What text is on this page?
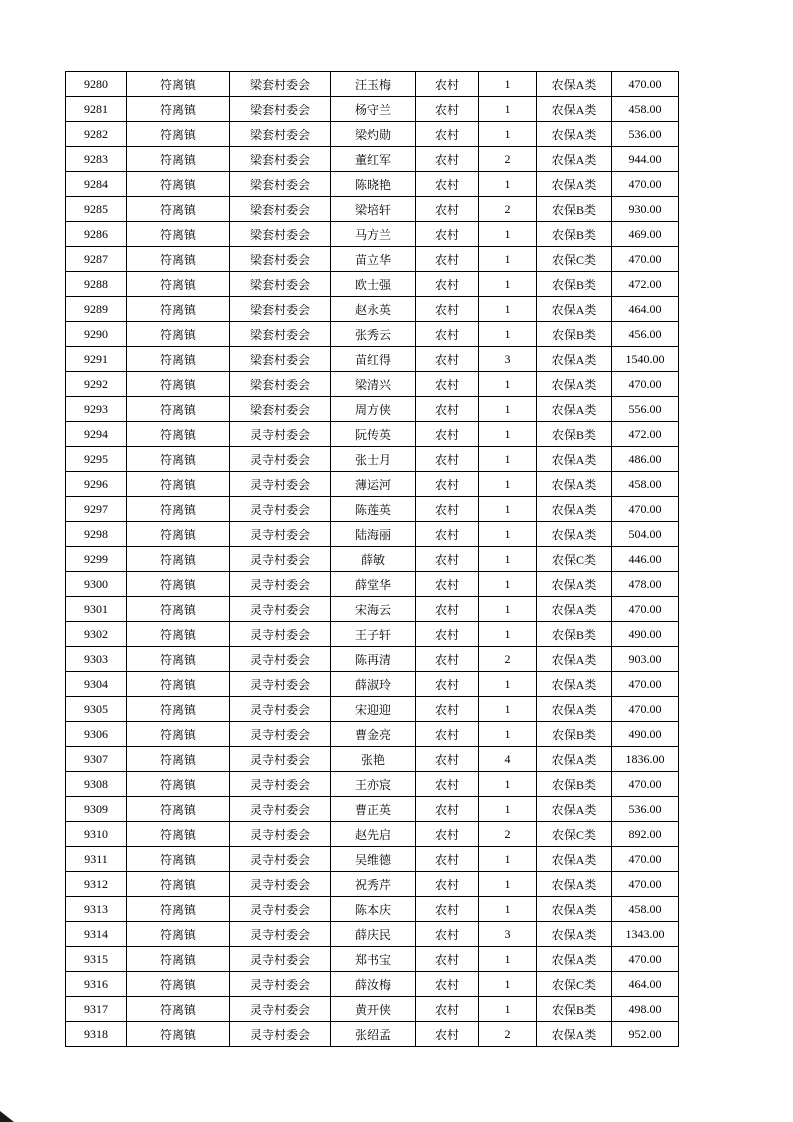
9280	符离镇	梁套村委会	汪玉梅	农村	1	农保A类	470.00
9281	符离镇	梁套村委会	杨守兰	农村	1	农保A类	458.00
9282	符离镇	梁套村委会	梁灼勋	农村	1	农保A类	536.00
9283	符离镇	梁套村委会	董红军	农村	2	农保A类	944.00
9284	符离镇	梁套村委会	陈晓艳	农村	1	农保A类	470.00
9285	符离镇	梁套村委会	梁培轩	农村	2	农保B类	930.00
9286	符离镇	梁套村委会	马方兰	农村	1	农保B类	469.00
9287	符离镇	梁套村委会	苗立华	农村	1	农保C类	470.00
9288	符离镇	梁套村委会	欧士强	农村	1	农保B类	472.00
9289	符离镇	梁套村委会	赵永英	农村	1	农保A类	464.00
9290	符离镇	梁套村委会	张秀云	农村	1	农保B类	456.00
9291	符离镇	梁套村委会	苗红得	农村	3	农保A类	1540.00
9292	符离镇	梁套村委会	梁清兴	农村	1	农保A类	470.00
9293	符离镇	梁套村委会	周方侠	农村	1	农保A类	556.00
9294	符离镇	灵寺村委会	阮传英	农村	1	农保B类	472.00
9295	符离镇	灵寺村委会	张士月	农村	1	农保A类	486.00
9296	符离镇	灵寺村委会	薄运河	农村	1	农保A类	458.00
9297	符离镇	灵寺村委会	陈莲英	农村	1	农保A类	470.00
9298	符离镇	灵寺村委会	陆海丽	农村	1	农保A类	504.00
9299	符离镇	灵寺村委会	薛敏	农村	1	农保C类	446.00
9300	符离镇	灵寺村委会	薛堂华	农村	1	农保A类	478.00
9301	符离镇	灵寺村委会	宋海云	农村	1	农保A类	470.00
9302	符离镇	灵寺村委会	王子轩	农村	1	农保B类	490.00
9303	符离镇	灵寺村委会	陈再清	农村	2	农保A类	903.00
9304	符离镇	灵寺村委会	薛淑玲	农村	1	农保A类	470.00
9305	符离镇	灵寺村委会	宋迎迎	农村	1	农保A类	470.00
9306	符离镇	灵寺村委会	曹金亮	农村	1	农保B类	490.00
9307	符离镇	灵寺村委会	张艳	农村	4	农保A类	1836.00
9308	符离镇	灵寺村委会	王亦宸	农村	1	农保B类	470.00
9309	符离镇	灵寺村委会	曹正英	农村	1	农保A类	536.00
9310	符离镇	灵寺村委会	赵先启	农村	2	农保C类	892.00
9311	符离镇	灵寺村委会	吴维德	农村	1	农保A类	470.00
9312	符离镇	灵寺村委会	祝秀芹	农村	1	农保A类	470.00
9313	符离镇	灵寺村委会	陈本庆	农村	1	农保A类	458.00
9314	符离镇	灵寺村委会	薛庆民	农村	3	农保A类	1343.00
9315	符离镇	灵寺村委会	郑书宝	农村	1	农保A类	470.00
9316	符离镇	灵寺村委会	薛汝梅	农村	1	农保C类	464.00
9317	符离镇	灵寺村委会	黄开侠	农村	1	农保B类	498.00
9318	符离镇	灵寺村委会	张绍孟	农村	2	农保A类	952.00
